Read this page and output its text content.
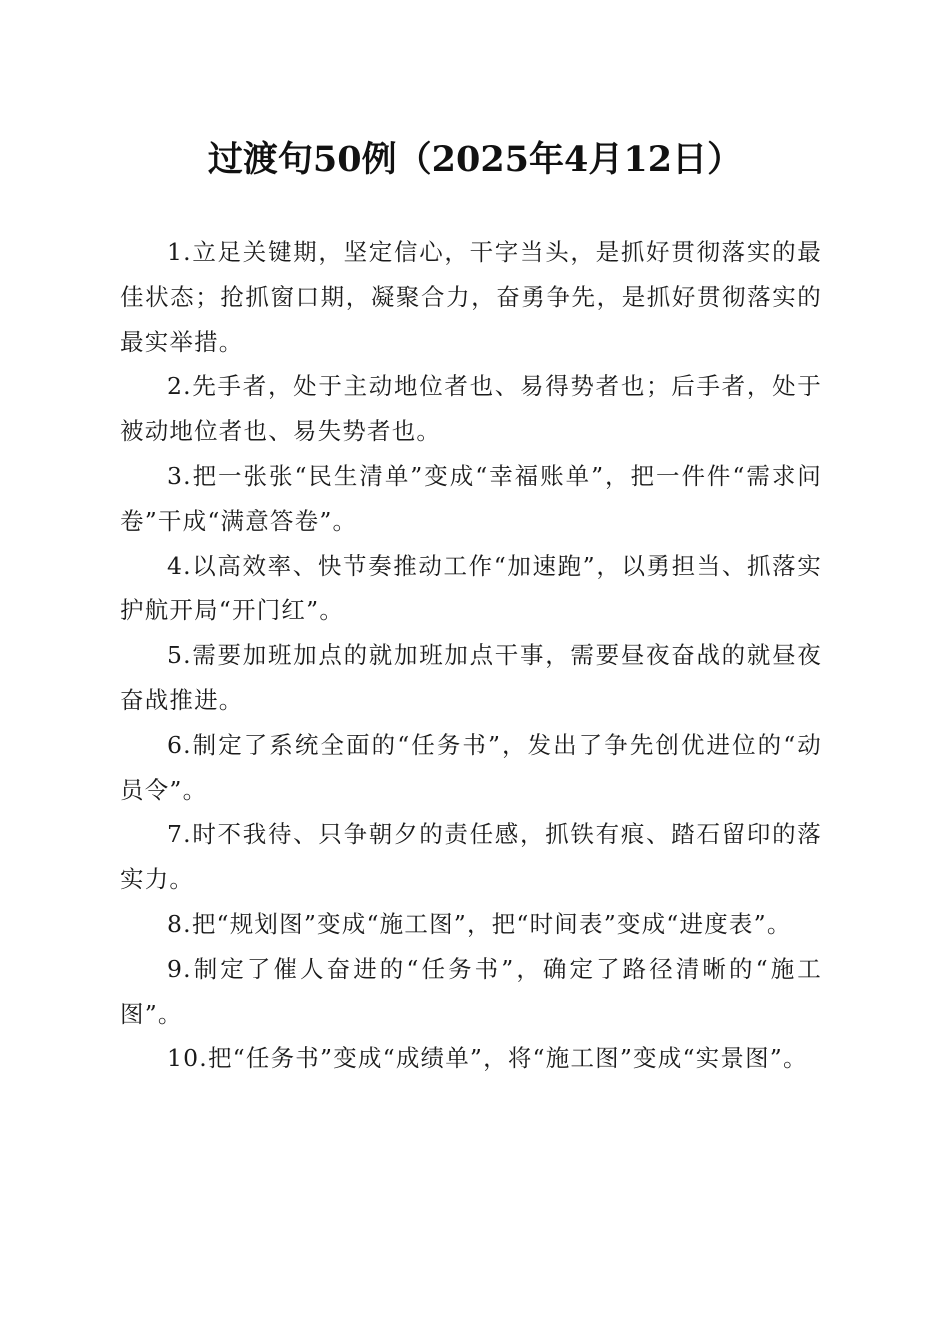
过渡句50例（2025年4月12日）

1.立足关键期，坚定信心，干字当头，是抓好贯彻落实的最佳状态；抢抓窗口期，凝聚合力，奋勇争先，是抓好贯彻落实的最实举措。

2.先手者，处于主动地位者也、易得势者也；后手者，处于被动地位者也、易失势者也。

3.把一张张“民生清单”变成“幸福账单”，把一件件“需求问卷”干成“满意答卷”。

4.以高效率、快节奏推动工作“加速跑”，以勇担当、抓落实护航开局“开门红”。

5.需要加班加点的就加班加点干事，需要昼夜奋战的就昼夜奋战推进。

6.制定了系统全面的“任务书”，发出了争先创优进位的“动员令”。

7.时不我待、只争朝夕的责任感，抓铁有痕、踏石留印的落实力。

8.把“规划图”变成“施工图”，把“时间表”变成“进度表”。

9.制定了催人奋进的“任务书”，确定了路径清晰的“施工图”。

10.把“任务书”变成“成绩单”，将“施工图”变成“实景图”。
